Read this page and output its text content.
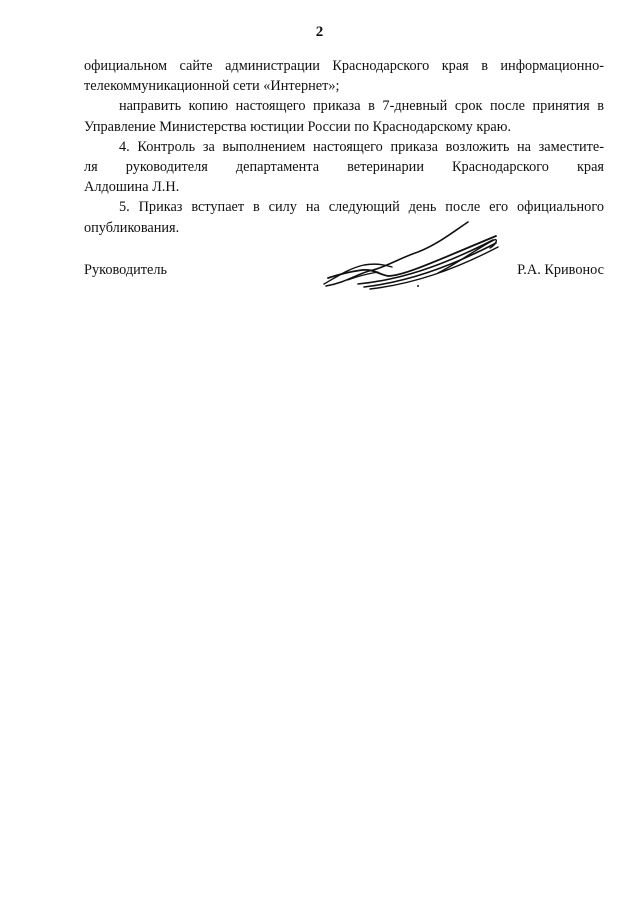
2
официальном сайте администрации Краснодарского края в информационно-
телекоммуникационной сети «Интернет»;
направить копию настоящего приказа в 7-дневный срок после принятия в
Управление Министерства юстиции России по Краснодарскому краю.
4. Контроль за выполнением настоящего приказа возложить на заместите-
ля руководителя департамента ветеринарии Краснодарского края
Алдошина Л.Н.
5. Приказ вступает в силу на следующий день после его официального
опубликования.
Руководитель	Р.А. Кривонос
